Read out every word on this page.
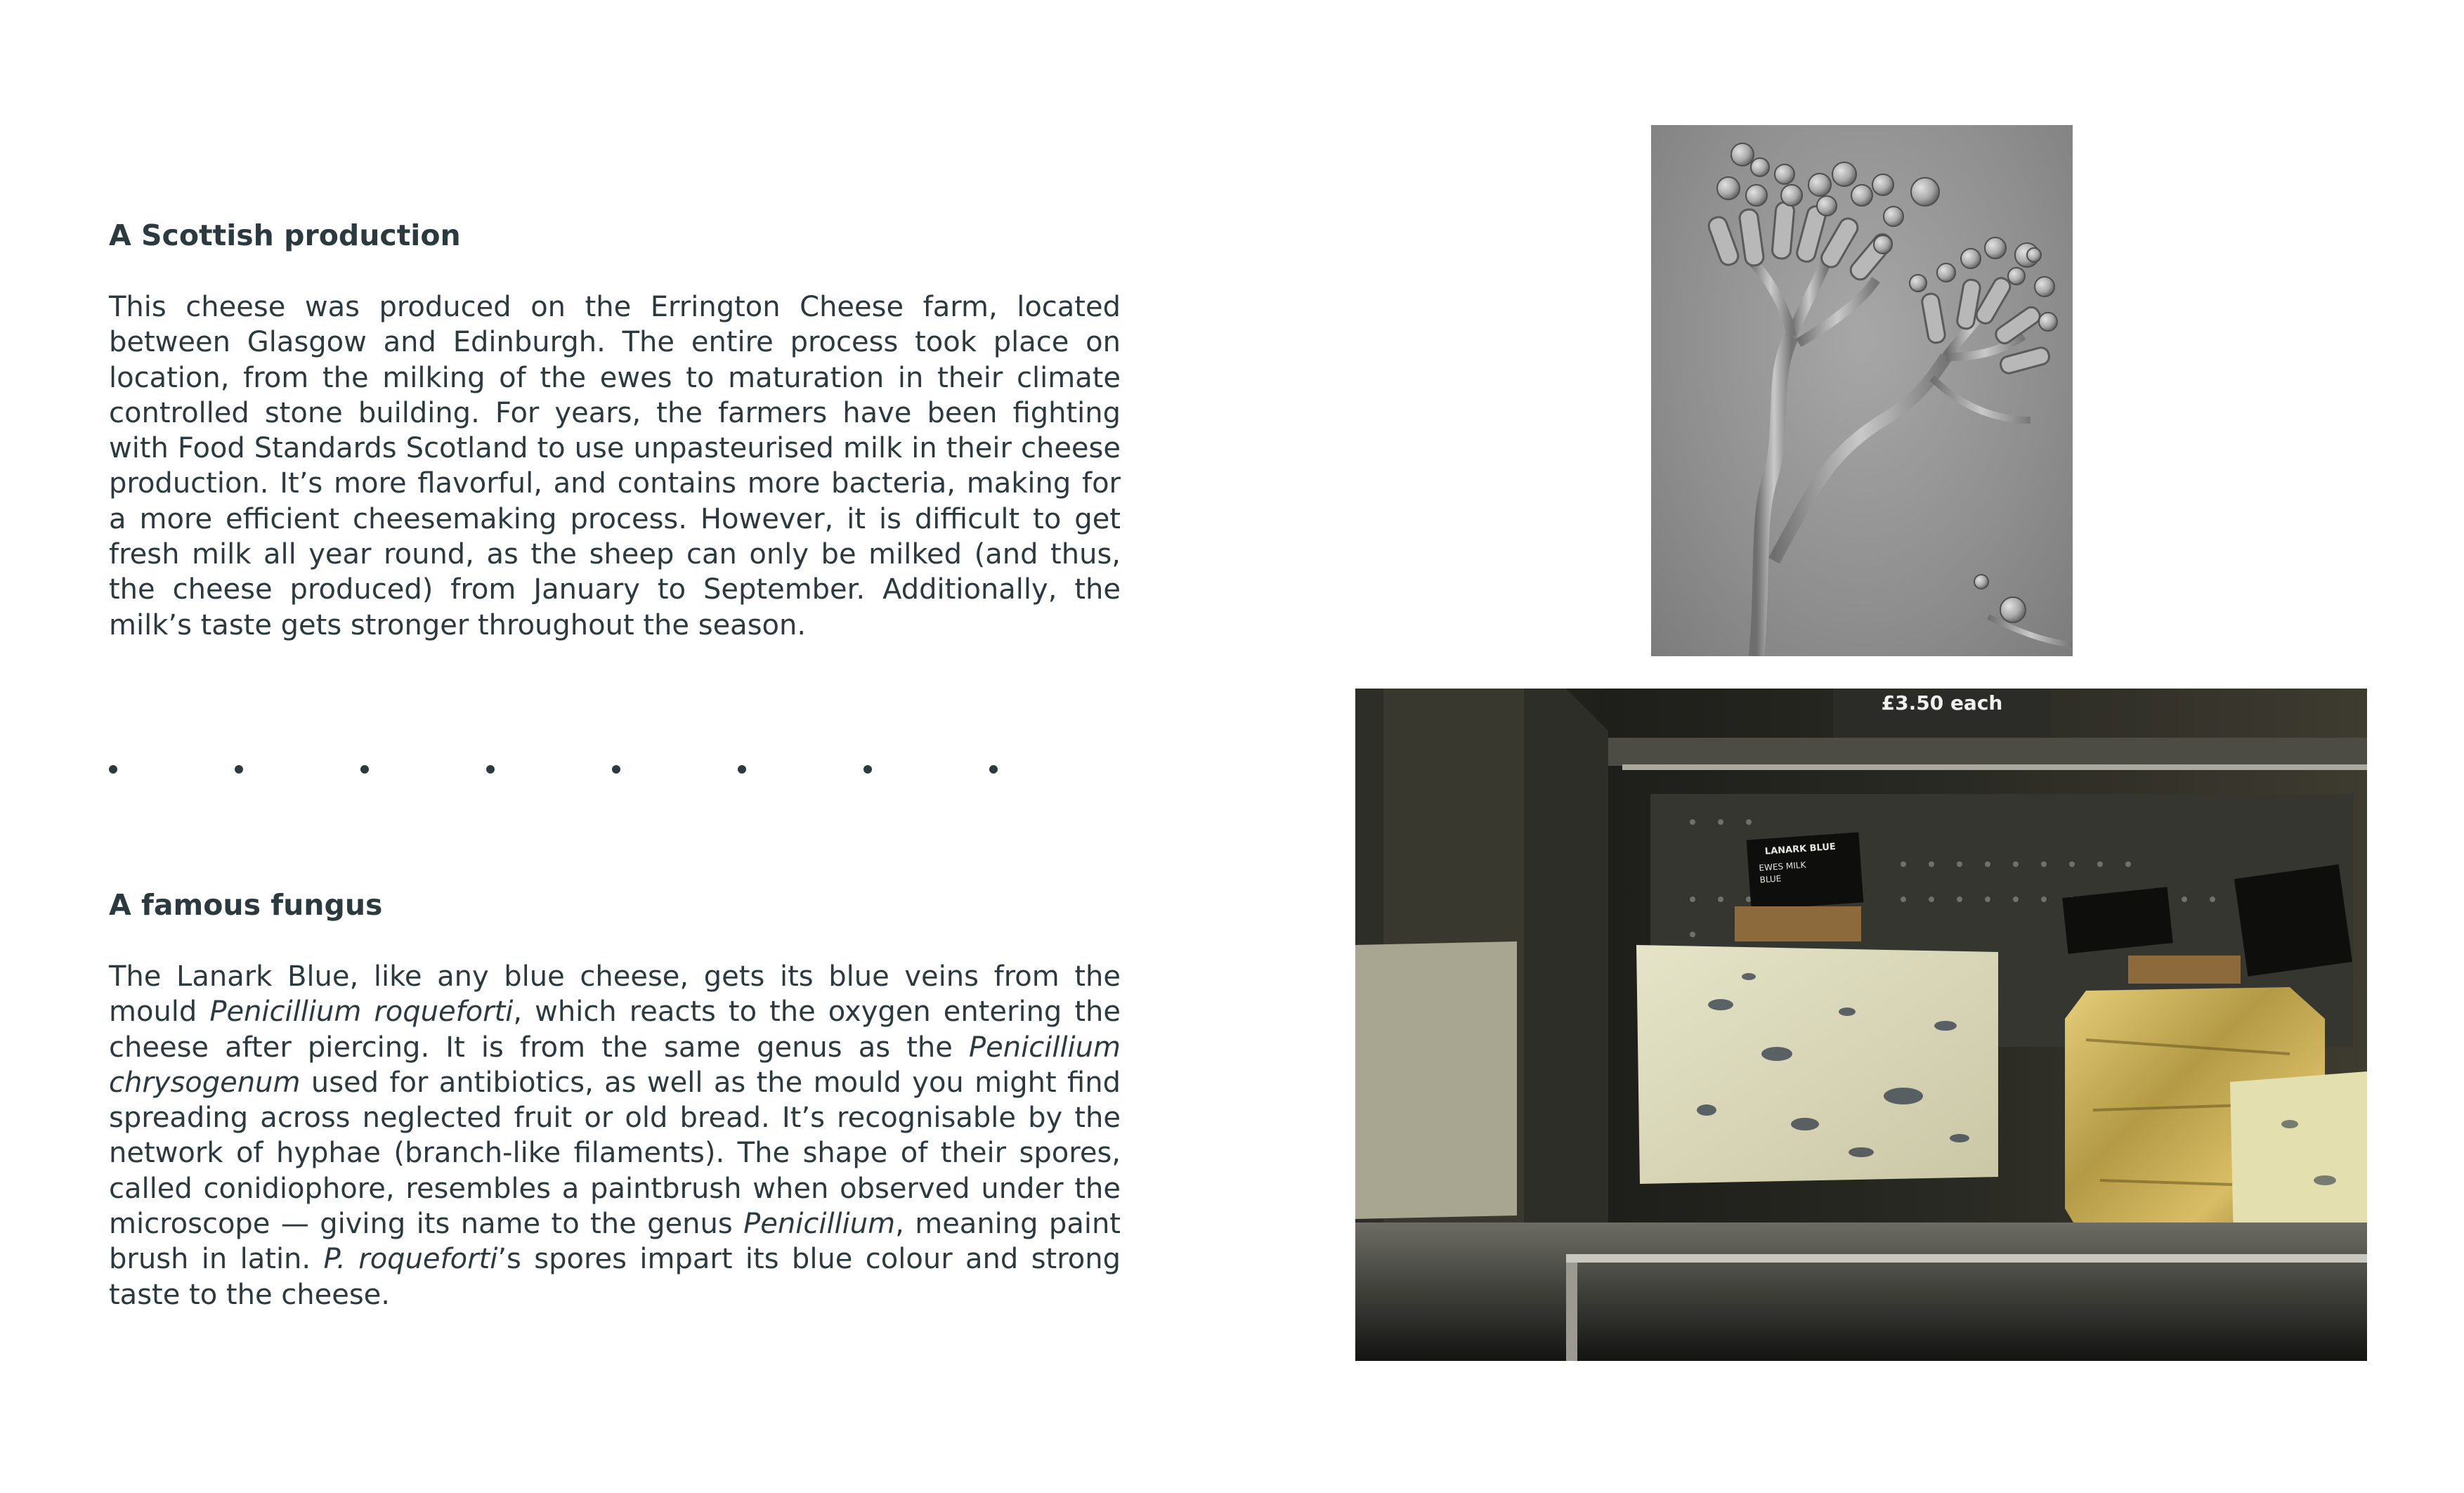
A Scottish production

This cheese was produced on the Errington Cheese farm, located between Glasgow and Edinburgh. The entire process took place on location, from the milking of the ewes to maturation in their climate controlled stone building. For years, the farmers have been fighting with Food Standards Scotland to use unpasteurised milk in their cheese production. It’s more flavorful, and contains more bacteria, making for a more efficient cheesemaking process. However, it is difficult to get fresh milk all year round, as the sheep can only be milked (and thus, the cheese produced) from January to September. Additionally, the milk’s taste gets stronger throughout the season.

A famous fungus

The Lanark Blue, like any blue cheese, gets its blue veins from the mould Penicillium roqueforti, which reacts to the oxygen entering the cheese after piercing. It is from the same genus as the Penicillium chrysogenum used for antibiotics, as well as the mould you might find spreading across neglected fruit or old bread. It’s recognisable by the network of hyphae (branch-like filaments). The shape of their spores, called conidiophore, resembles a paintbrush when observed under the microscope — giving its name to the genus Penicillium, meaning paint brush in latin. P. roqueforti’s spores impart its blue colour and strong taste to the cheese.

£3.50 each
LANARK BLUE
EWES MILK
BLUE
